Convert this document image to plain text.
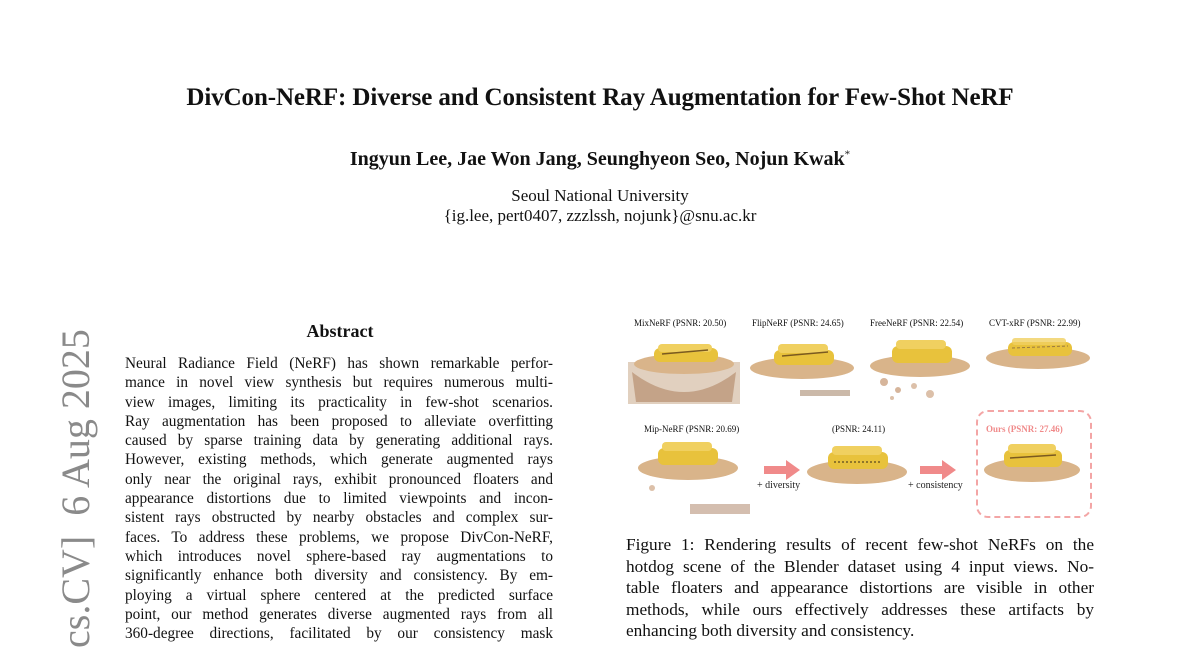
DivCon-NeRF: Diverse and Consistent Ray Augmentation for Few-Shot NeRF
Ingyun Lee, Jae Won Jang, Seunghyeon Seo, Nojun Kwak*
Seoul National University
{ig.lee, pert0407, zzzlssh, nojunk}@snu.ac.kr
cs.CV]  6 Aug 2025	Abstract
Neural Radiance Field (NeRF) has shown remarkable perfor-
mance in novel view synthesis but requires numerous multi-
view images, limiting its practicality in few-shot scenarios.
Ray augmentation has been proposed to alleviate overfitting
caused by sparse training data by generating additional rays.
However, existing methods, which generate augmented rays
only near the original rays, exhibit pronounced floaters and
appearance distortions due to limited viewpoints and incon-
sistent rays obstructed by nearby obstacles and complex sur-
faces. To address these problems, we propose DivCon-NeRF,
which introduces novel sphere-based ray augmentations to
significantly enhance both diversity and consistency. By em-
ploying a virtual sphere centered at the predicted surface
point, our method generates diverse augmented rays from all
360-degree directions, facilitated by our consistency mask
MixNeRF (PSNR: 20.50)	FlipNeRF (PSNR: 24.65)	FreeNeRF (PSNR: 22.54)	CVT-xRF (PSNR: 22.99)
Mip-NeRF (PSNR: 20.69)	(PSNR: 24.11)	Ours (PSNR: 27.46)
+ diversity	+ consistency
Figure 1: Rendering results of recent few-shot NeRFs on the
hotdog scene of the Blender dataset using 4 input views. No-
table floaters and appearance distortions are visible in other
methods, while ours effectively addresses these artifacts by
enhancing both diversity and consistency.
